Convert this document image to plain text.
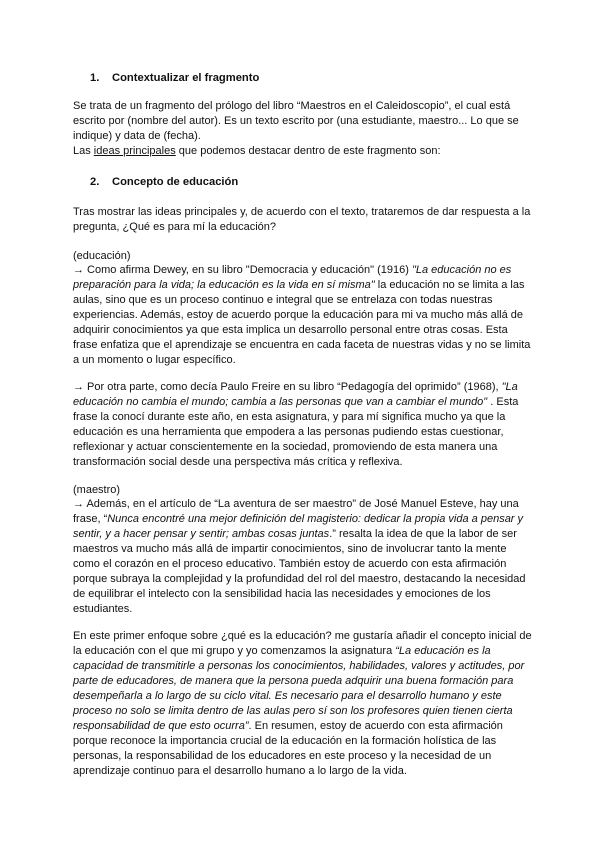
1. Contextualizar el fragmento

Se trata de un fragmento del prólogo del libro “Maestros en el Caleidoscopio”, el cual está escrito por (nombre del autor). Es un texto escrito por (una estudiante, maestro... Lo que se indique) y data de (fecha).
Las ideas principales que podemos destacar dentro de este fragmento son:

2. Concepto de educación

Tras mostrar las ideas principales y, de acuerdo con el texto, trataremos de dar respuesta a la pregunta, ¿Qué es para mí la educación?

(educación)

→ Como afirma Dewey, en su libro "Democracia y educación" (1916) "La educación no es preparación para la vida; la educación es la vida en sí misma" la educación no se limita a las aulas, sino que es un proceso continuo e integral que se entrelaza con todas nuestras experiencias. Además, estoy de acuerdo porque la educación para mi va mucho más allá de adquirir conocimientos ya que esta implica un desarrollo personal entre otras cosas. Esta frase enfatiza que el aprendizaje se encuentra en cada faceta de nuestras vidas y no se limita a un momento o lugar específico.

→ Por otra parte, como decía Paulo Freire en su libro “Pedagogía del oprimido” (1968), "La educación no cambia el mundo; cambia a las personas que van a cambiar el mundo" . Esta frase la conocí durante este año, en esta asignatura, y para mí significa mucho ya que la educación es una herramienta que empodera a las personas pudiendo estas cuestionar, reflexionar y actuar conscientemente en la sociedad, promoviendo de esta manera una transformación social desde una perspectiva más crítica y reflexiva.

(maestro)

→ Además, en el artículo de “La aventura de ser maestro” de José Manuel Esteve, hay una frase, “Nunca encontré una mejor definición del magisterio: dedicar la propia vida a pensar y sentir, y a hacer pensar y sentir; ambas cosas juntas.” resalta la idea de que la labor de ser maestros va mucho más allá de impartir conocimientos, sino de involucrar tanto la mente como el corazón en el proceso educativo. También estoy de acuerdo con esta afirmación porque subraya la complejidad y la profundidad del rol del maestro, destacando la necesidad de equilibrar el intelecto con la sensibilidad hacia las necesidades y emociones de los estudiantes.

En este primer enfoque sobre ¿qué es la educación? me gustaría añadir el concepto inicial de la educación con el que mi grupo y yo comenzamos la asignatura “La educación es la capacidad de transmitirle a personas los conocimientos, habilidades, valores y actitudes, por parte de educadores, de manera que la persona pueda adquirir una buena formación para desempeñarla a lo largo de su ciclo vital. Es necesario para el desarrollo humano y este proceso no solo se limita dentro de las aulas pero sí son los profesores quien tienen cierta responsabilidad de que esto ocurra”. En resumen, estoy de acuerdo con esta afirmación porque reconoce la importancia crucial de la educación en la formación holística de las personas, la responsabilidad de los educadores en este proceso y la necesidad de un aprendizaje continuo para el desarrollo humano a lo largo de la vida.
